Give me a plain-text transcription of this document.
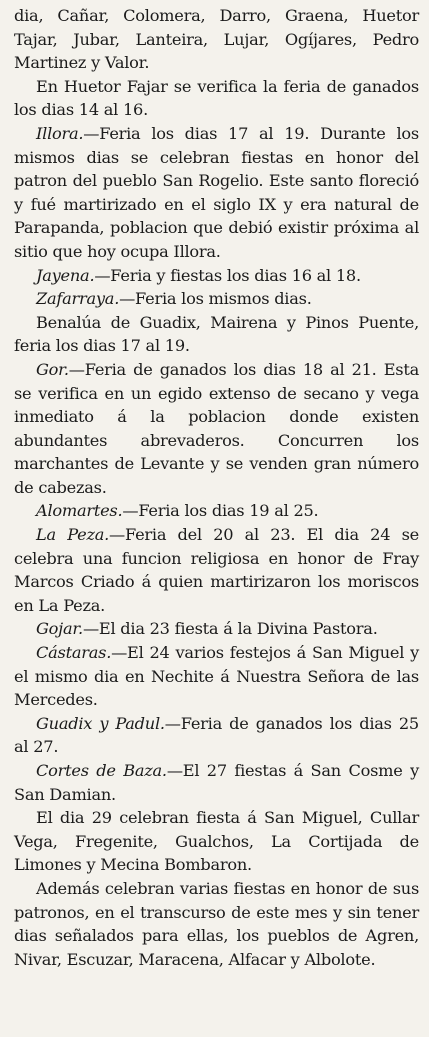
dia, Cañar, Colomera, Darro, Graena, Huetor Tajar, Jubar, Lanteira, Lujar, Ogíjares, Pedro Martinez y Valor.

En Huetor Fajar se verifica la feria de ganados los dias 14 al 16.

Illora.—Feria los dias 17 al 19. Durante los mismos dias se celebran fiestas en honor del patron del pueblo San Rogelio. Este santo floreció y fué martirizado en el siglo IX y era natural de Parapanda, poblacion que debió existir próxima al sitio que hoy ocupa Illora.

Jayena.—Feria y fiestas los dias 16 al 18.

Zafarraya.—Feria los mismos dias.

Benalúa de Guadix, Mairena y Pinos Puente, feria los dias 17 al 19.

Gor.—Feria de ganados los dias 18 al 21. Esta se verifica en un egido extenso de secano y vega inmediato á la poblacion donde existen abundantes abrevaderos. Concurren los marchantes de Levante y se venden gran número de cabezas.

Alomartes.—Feria los dias 19 al 25.

La Peza.—Feria del 20 al 23. El dia 24 se celebra una funcion religiosa en honor de Fray Marcos Criado á quien martirizaron los moriscos en La Peza.

Gojar.—El dia 23 fiesta á la Divina Pastora.

Cástaras.—El 24 varios festejos á San Miguel y el mismo dia en Nechite á Nuestra Señora de las Mercedes.

Guadix y Padul.—Feria de ganados los dias 25 al 27.

Cortes de Baza.—El 27 fiestas á San Cosme y San Damian.

El dia 29 celebran fiesta á San Miguel, Cullar Vega, Fregenite, Gualchos, La Cortijada de Limones y Mecina Bombaron.

Además celebran varias fiestas en honor de sus patronos, en el transcurso de este mes y sin tener dias señalados para ellas, los pueblos de Agren, Nivar, Escuzar, Maracena, Alfacar y Albolote.
